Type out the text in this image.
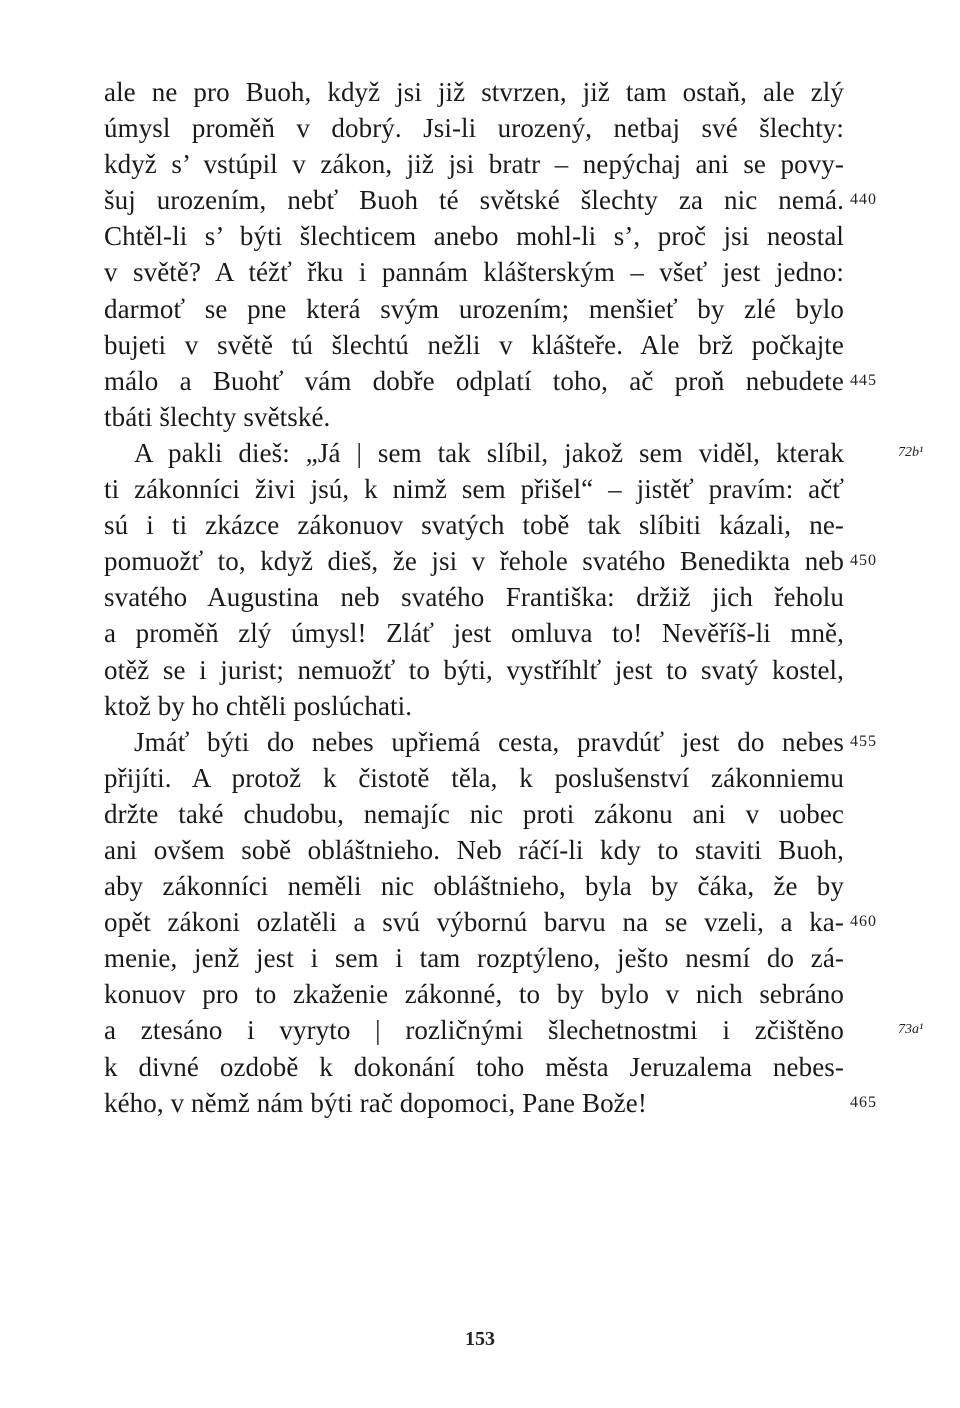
ale ne pro Buoh, když jsi již stvrzen, již tam ostaň, ale zlý
úmysl proměň v dobrý. Jsi-li urozený, netbaj své šlechty:
když s’ vstúpil v zákon, již jsi bratr – nepýchaj ani se povy-
šuj urozením, nebť Buoh té světské šlechty za nic nemá.
Chtěl-li s’ býti šlechticem anebo mohl-li s’, proč jsi neostal
v světě? A téžť řku i pannám klášterským – všeť jest jedno:
darmoť se pne která svým urozením; menšieť by zlé bylo
bujeti v světě tú šlechtú nežli v klášteře. Ale brž počkajte
málo a Buohť vám dobře odplatí toho, ač proň nebudete
tbáti šlechty světské.
A pakli dieš: „Já | sem tak slíbil, jakož sem viděl, kterak
ti zákonníci živi jsú, k nimž sem přišel“ – jistěť pravím: ačť
sú i ti zkázce zákonuov svatých tobě tak slíbiti kázali, ne-
pomuožť to, když dieš, že jsi v řehole svatého Benedikta neb
svatého Augustina neb svatého Františka: držiž jich řeholu
a proměň zlý úmysl! Zláť jest omluva to! Nevěříš-li mně,
otěž se i jurist; nemuožť to býti, vystříhlť jest to svatý kostel,
ktož by ho chtěli poslúchati.
Jmáť býti do nebes upřiemá cesta, pravdúť jest do nebes
přijíti. A protož k čistotě těla, k poslušenství zákonniemu
držte také chudobu, nemajíc nic proti zákonu ani v uobec
ani ovšem sobě obláštnieho. Neb ráčí-li kdy to staviti Buoh,
aby zákonníci neměli nic obláštnieho, byla by čáka, že by
opět zákoni ozlatěli a svú výbornú barvu na se vzeli, a ka-
menie, jenž jest i sem i tam rozptýleno, ješto nesmí do zá-
konuov pro to zkaženie zákonné, to by bylo v nich sebráno
a ztesáno i vyryto | rozličnými šlechetnostmi i zčištěno
k divné ozdobě k dokonání toho města Jeruzalema nebes-
kého, v němž nám býti rač dopomoci, Pane Bože!
440
445
450
455
460
465
72b¹
73a¹
153
